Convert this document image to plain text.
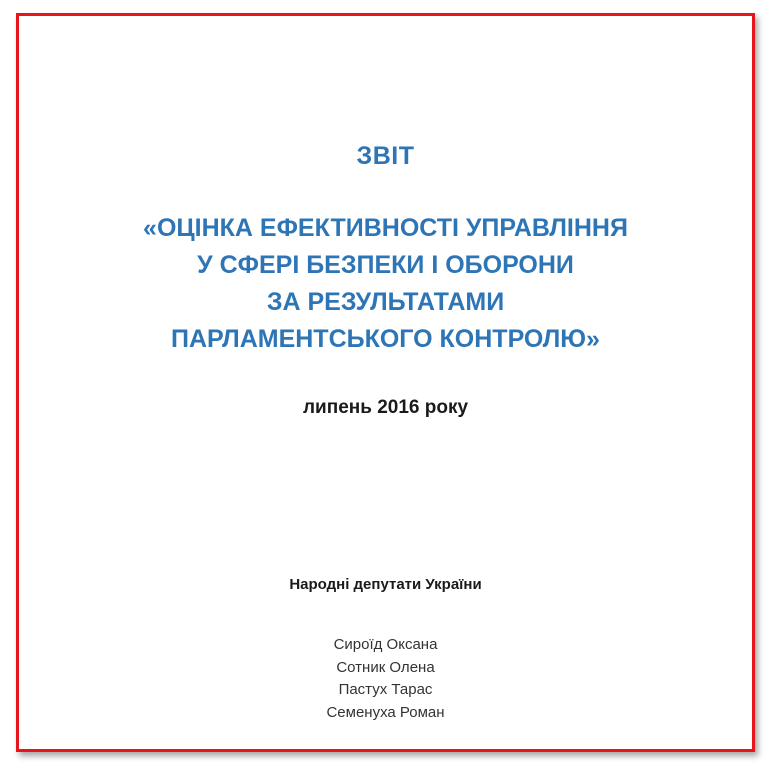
ЗВІТ
«ОЦІНКА ЕФЕКТИВНОСТІ УПРАВЛІННЯ
У СФЕРІ БЕЗПЕКИ І ОБОРОНИ
ЗА РЕЗУЛЬТАТАМИ
ПАРЛАМЕНТСЬКОГО КОНТРОЛЮ»
липень 2016 року
Народні депутати України
Сироїд Оксана
Сотник Олена
Пастух Тарас
Семенуха Роман
